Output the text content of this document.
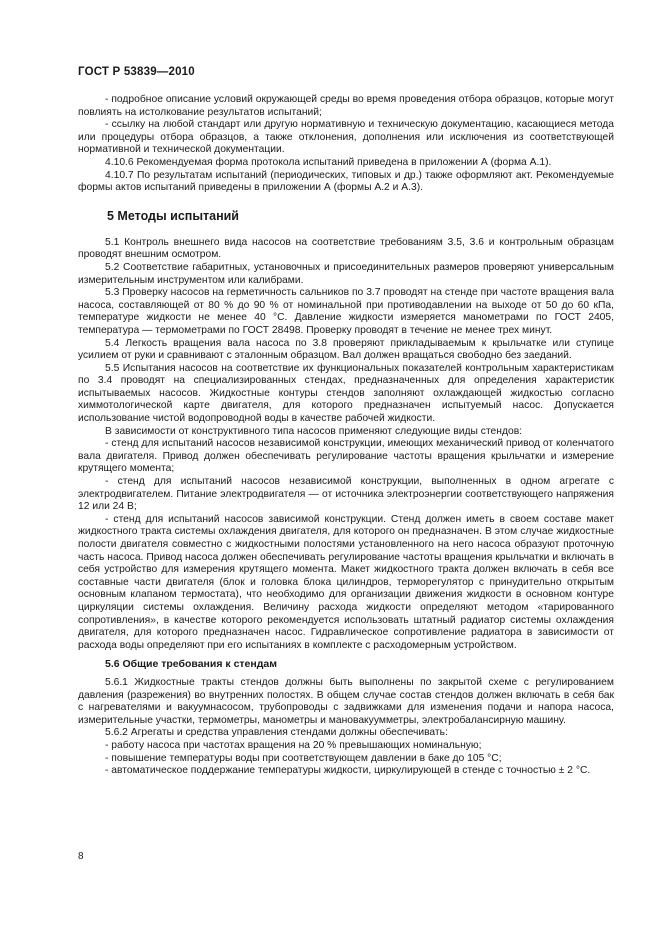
ГОСТ Р 53839—2010

- подробное описание условий окружающей среды во время проведения отбора образцов, которые могут повлиять на истолкование результатов испытаний;

- ссылку на любой стандарт или другую нормативную и техническую документацию, касающиеся метода или процедуры отбора образцов, а также отклонения, дополнения или исключения из соответствующей нормативной и технической документации.

4.10.6 Рекомендуемая форма протокола испытаний приведена в приложении А (форма А.1).

4.10.7 По результатам испытаний (периодических, типовых и др.) также оформляют акт. Рекомендуемые формы актов испытаний приведены в приложении А (формы А.2 и А.3).

5 Методы испытаний

5.1 Контроль внешнего вида насосов на соответствие требованиям 3.5, 3.6 и контрольным образцам проводят внешним осмотром.

5.2 Соответствие габаритных, установочных и присоединительных размеров проверяют универсальным измерительным инструментом или калибрами.

5.3 Проверку насосов на герметичность сальников по 3.7 проводят на стенде при частоте вращения вала насоса, составляющей от 80 % до 90 % от номинальной при противодавлении на выходе от 50 до 60 кПа, температуре жидкости не менее 40 °С. Давление жидкости измеряется манометрами по ГОСТ 2405, температура — термометрами по ГОСТ 28498. Проверку проводят в течение не менее трех минут.

5.4 Легкость вращения вала насоса по 3.8 проверяют прикладываемым к крыльчатке или ступице усилием от руки и сравнивают с эталонным образцом. Вал должен вращаться свободно без заеданий.

5.5 Испытания насосов на соответствие их функциональных показателей контрольным характеристикам по 3.4 проводят на специализированных стендах, предназначенных для определения характеристик испытываемых насосов. Жидкостные контуры стендов заполняют охлаждающей жидкостью согласно химмотологической карте двигателя, для которого предназначен испытуемый насос. Допускается использование чистой водопроводной воды в качестве рабочей жидкости.

В зависимости от конструктивного типа насосов применяют следующие виды стендов:

- стенд для испытаний насосов независимой конструкции, имеющих механический привод от коленчатого вала двигателя. Привод должен обеспечивать регулирование частоты вращения крыльчатки и измерение крутящего момента;

- стенд для испытаний насосов независимой конструкции, выполненных в одном агрегате с электродвигателем. Питание электродвигателя — от источника электроэнергии соответствующего напряжения 12 или 24 В;

- стенд для испытаний насосов зависимой конструкции. Стенд должен иметь в своем составе макет жидкостного тракта системы охлаждения двигателя, для которого он предназначен. В этом случае жидкостные полости двигателя совместно с жидкостными полостями установленного на него насоса образуют проточную часть насоса. Привод насоса должен обеспечивать регулирование частоты вращения крыльчатки и включать в себя устройство для измерения крутящего момента. Макет жидкостного тракта должен включать в себя все составные части двигателя (блок и головка блока цилиндров, терморегулятор с принудительно открытым основным клапаном термостата), что необходимо для организации движения жидкости в основном контуре циркуляции системы охлаждения. Величину расхода жидкости определяют методом «тарированного сопротивления», в качестве которого рекомендуется использовать штатный радиатор системы охлаждения двигателя, для которого предназначен насос. Гидравлическое сопротивление радиатора в зависимости от расхода воды определяют при его испытаниях в комплекте с расходомерным устройством.

5.6 Общие требования к стендам

5.6.1 Жидкостные тракты стендов должны быть выполнены по закрытой схеме с регулированием давления (разрежения) во внутренних полостях. В общем случае состав стендов должен включать в себя бак с нагревателями и вакуумнасосом, трубопроводы с задвижками для изменения подачи и напора насоса, измерительные участки, термометры, манометры и мановакуумметры, электробалансирную машину.

5.6.2 Агрегаты и средства управления стендами должны обеспечивать:

- работу насоса при частотах вращения на 20 % превышающих номинальную;

- повышение температуры воды при соответствующем давлении в баке до 105 °С;

- автоматическое поддержание температуры жидкости, циркулирующей в стенде с точностью ± 2 °С.

8
